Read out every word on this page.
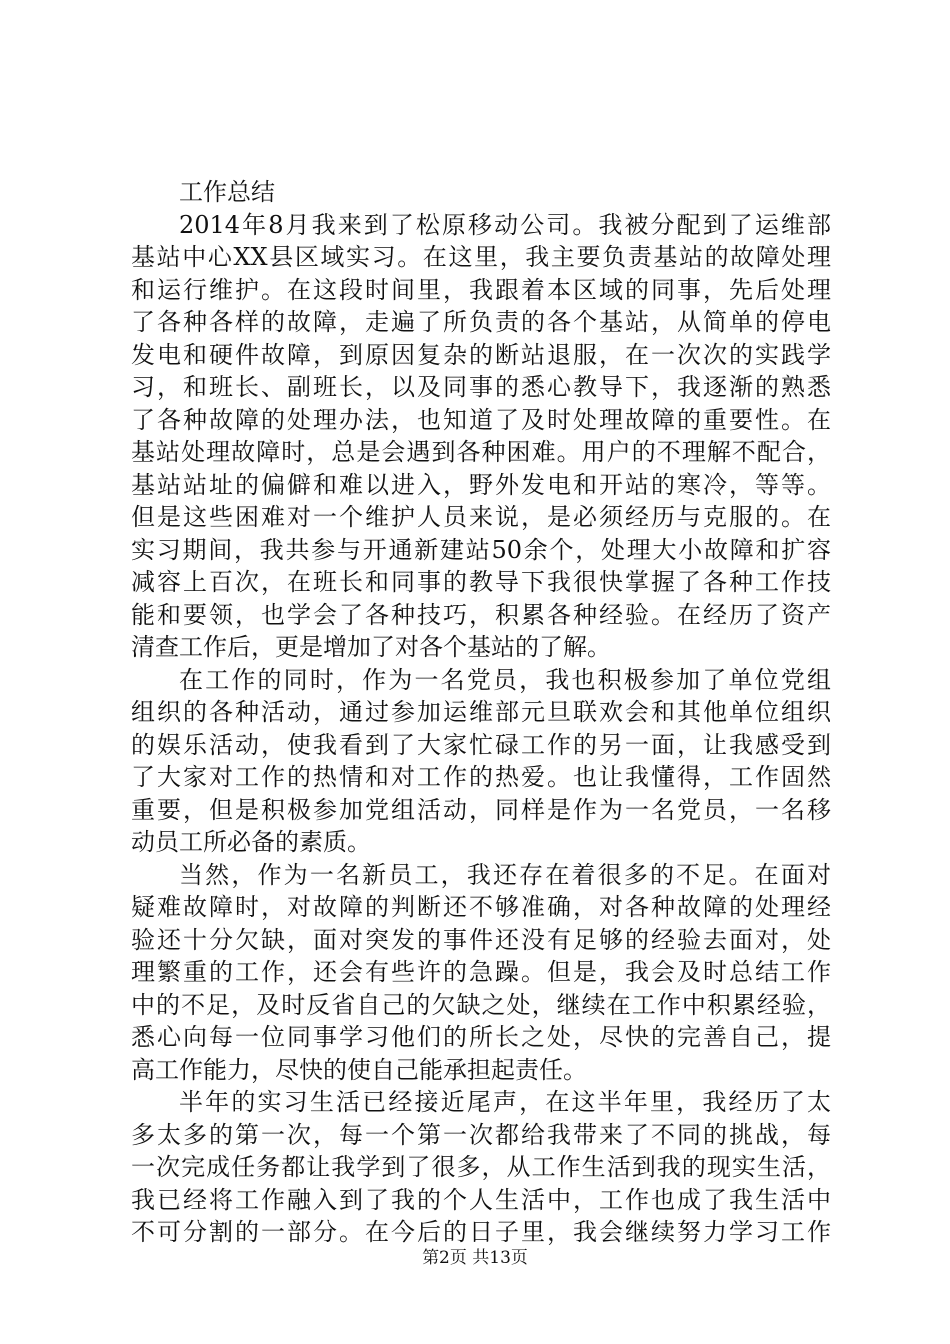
工作总结
2014年8月我来到了松原移动公司。我被分配到了运维部
基站中心XX县区域实习。在这里，我主要负责基站的故障处理
和运行维护。在这段时间里，我跟着本区域的同事，先后处理
了各种各样的故障，走遍了所负责的各个基站，从简单的停电
发电和硬件故障，到原因复杂的断站退服，在一次次的实践学
习，和班长、副班长，以及同事的悉心教导下，我逐渐的熟悉
了各种故障的处理办法，也知道了及时处理故障的重要性。在
基站处理故障时，总是会遇到各种困难。用户的不理解不配合，
基站站址的偏僻和难以进入，野外发电和开站的寒冷，等等。
但是这些困难对一个维护人员来说，是必须经历与克服的。在
实习期间，我共参与开通新建站50余个，处理大小故障和扩容
减容上百次，在班长和同事的教导下我很快掌握了各种工作技
能和要领，也学会了各种技巧，积累各种经验。在经历了资产
清查工作后，更是增加了对各个基站的了解。
在工作的同时，作为一名党员，我也积极参加了单位党组
组织的各种活动，通过参加运维部元旦联欢会和其他单位组织
的娱乐活动，使我看到了大家忙碌工作的另一面，让我感受到
了大家对工作的热情和对工作的热爱。也让我懂得，工作固然
重要，但是积极参加党组活动，同样是作为一名党员，一名移
动员工所必备的素质。
当然，作为一名新员工，我还存在着很多的不足。在面对
疑难故障时，对故障的判断还不够准确，对各种故障的处理经
验还十分欠缺，面对突发的事件还没有足够的经验去面对，处
理繁重的工作，还会有些许的急躁。但是，我会及时总结工作
中的不足，及时反省自己的欠缺之处，继续在工作中积累经验，
悉心向每一位同事学习他们的所长之处，尽快的完善自己，提
高工作能力，尽快的使自己能承担起责任。
半年的实习生活已经接近尾声，在这半年里，我经历了太
多太多的第一次，每一个第一次都给我带来了不同的挑战，每
一次完成任务都让我学到了很多，从工作生活到我的现实生活，
我已经将工作融入到了我的个人生活中，工作也成了我生活中
不可分割的一部分。在今后的日子里，我会继续努力学习工作
第2页 共13页
